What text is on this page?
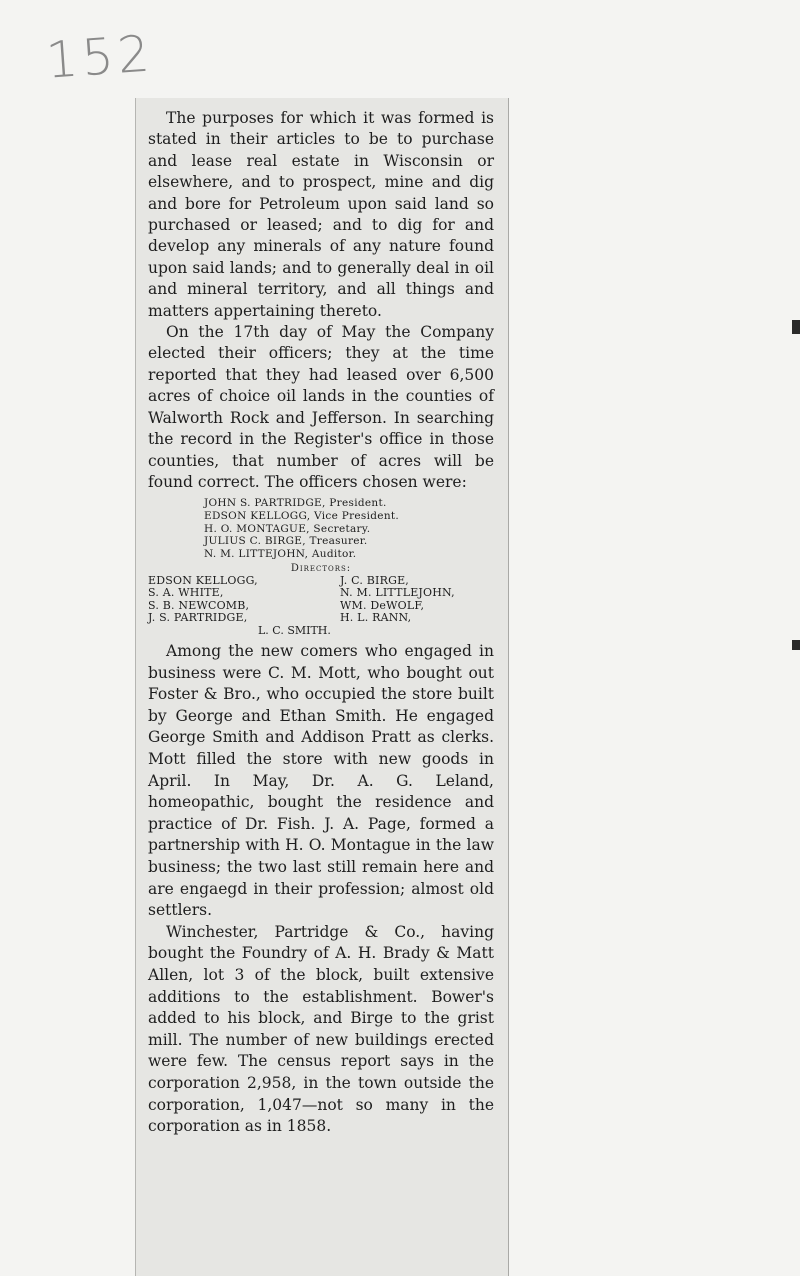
152

The purposes for which it was formed is stated in their articles to be to purchase and lease real estate in Wisconsin or elsewhere, and to prospect, mine and dig and bore for Petroleum upon said land so purchased or leased; and to dig for and develop any minerals of any nature found upon said lands; and to generally deal in oil and mineral territory, and all things and matters appertaining thereto.

On the 17th day of May the Company elected their officers; they at the time reported that they had leased over 6,500 acres of choice oil lands in the counties of Walworth Rock and Jefferson. In searching the record in the Register's office in those counties, that number of acres will be found correct. The officers chosen were:

JOHN S. PARTRIDGE, President.
EDSON KELLOGG, Vice President.
H. O. MONTAGUE, Secretary.
JULIUS C. BIRGE, Treasurer.
N. M. LITTEJOHN, Auditor.
Directors:
EDSON KELLOGG,	J. C. BIRGE,
S. A. WHITE,	N. M. LITTLEJOHN,
S. B. NEWCOMB,	WM. DeWOLF,
J. S. PARTRIDGE,	H. L. RANN,
L. C. SMITH.

Among the new comers who engaged in business were C. M. Mott, who bought out Foster & Bro., who occupied the store built by George and Ethan Smith. He engaged George Smith and Addison Pratt as clerks. Mott filled the store with new goods in April. In May, Dr. A. G. Leland, homeopathic, bought the residence and practice of Dr. Fish. J. A. Page, formed a partnership with H. O. Montague in the law business; the two last still remain here and are engaegd in their profession; almost old settlers.

Winchester, Partridge & Co., having bought the Foundry of A. H. Brady & Matt Allen, lot 3 of the block, built extensive additions to the establishment. Bower's added to his block, and Birge to the grist mill. The number of new buildings erected were few. The census report says in the corporation 2,958, in the town outside the corporation, 1,047—not so many in the corporation as in 1858.
